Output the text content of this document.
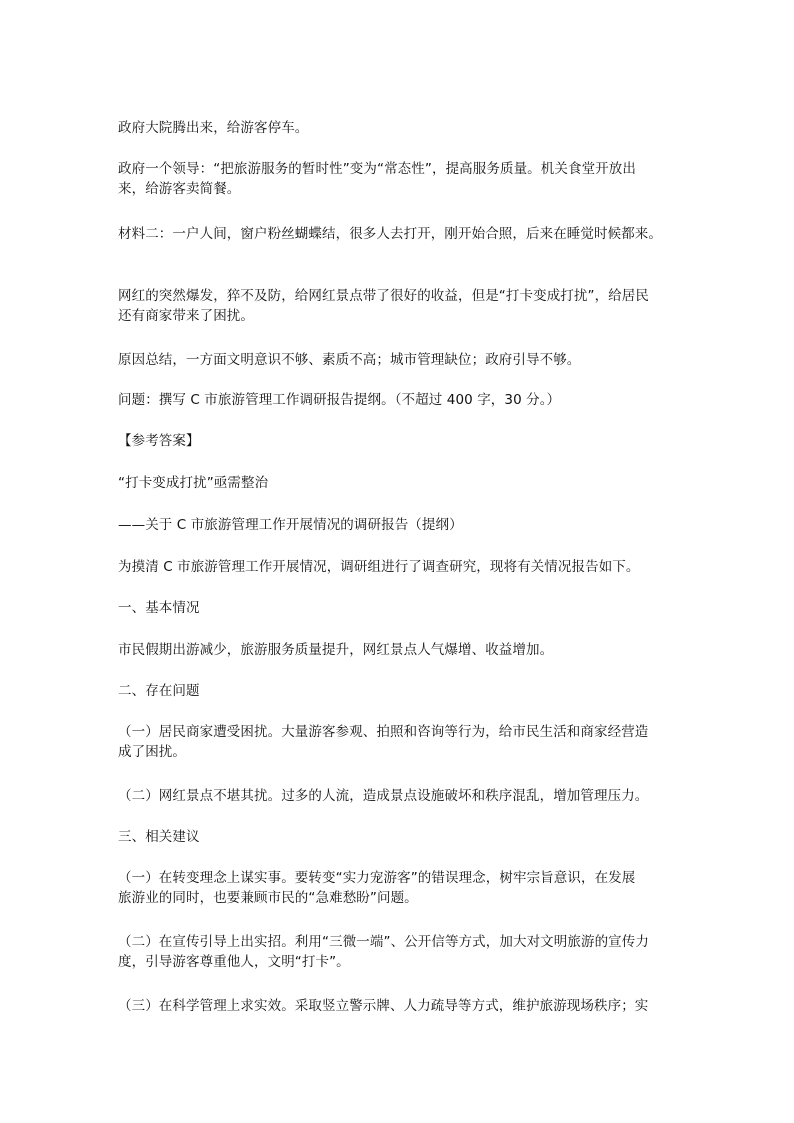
政府大院腾出来，给游客停车。

政府一个领导：“把旅游服务的暂时性”变为“常态性”，提高服务质量。机关食堂开放出
来，给游客卖简餐。

材料二：一户人间，窗户粉丝蝴蝶结，很多人去打开，刚开始合照，后来在睡觉时候都来。

网红的突然爆发，猝不及防，给网红景点带了很好的收益，但是“打卡变成打扰”，给居民
还有商家带来了困扰。

原因总结，一方面文明意识不够、素质不高；城市管理缺位；政府引导不够。

问题：撰写 C 市旅游管理工作调研报告提纲。（不超过 400 字，30 分。）

【参考答案】

“打卡变成打扰”亟需整治

——关于 C 市旅游管理工作开展情况的调研报告（提纲）

为摸清 C 市旅游管理工作开展情况，调研组进行了调查研究，现将有关情况报告如下。

一、基本情况

市民假期出游减少，旅游服务质量提升，网红景点人气爆增、收益增加。

二、存在问题

（一）居民商家遭受困扰。大量游客参观、拍照和咨询等行为，给市民生活和商家经营造
成了困扰。

（二）网红景点不堪其扰。过多的人流，造成景点设施破坏和秩序混乱，增加管理压力。

三、相关建议

（一）在转变理念上谋实事。要转变“实力宠游客”的错误理念，树牢宗旨意识，在发展
旅游业的同时，也要兼顾市民的“急难愁盼”问题。

（二）在宣传引导上出实招。利用“三微一端”、公开信等方式，加大对文明旅游的宣传力
度，引导游客尊重他人，文明“打卡”。

（三）在科学管理上求实效。采取竖立警示牌、人力疏导等方式，维护旅游现场秩序；实
